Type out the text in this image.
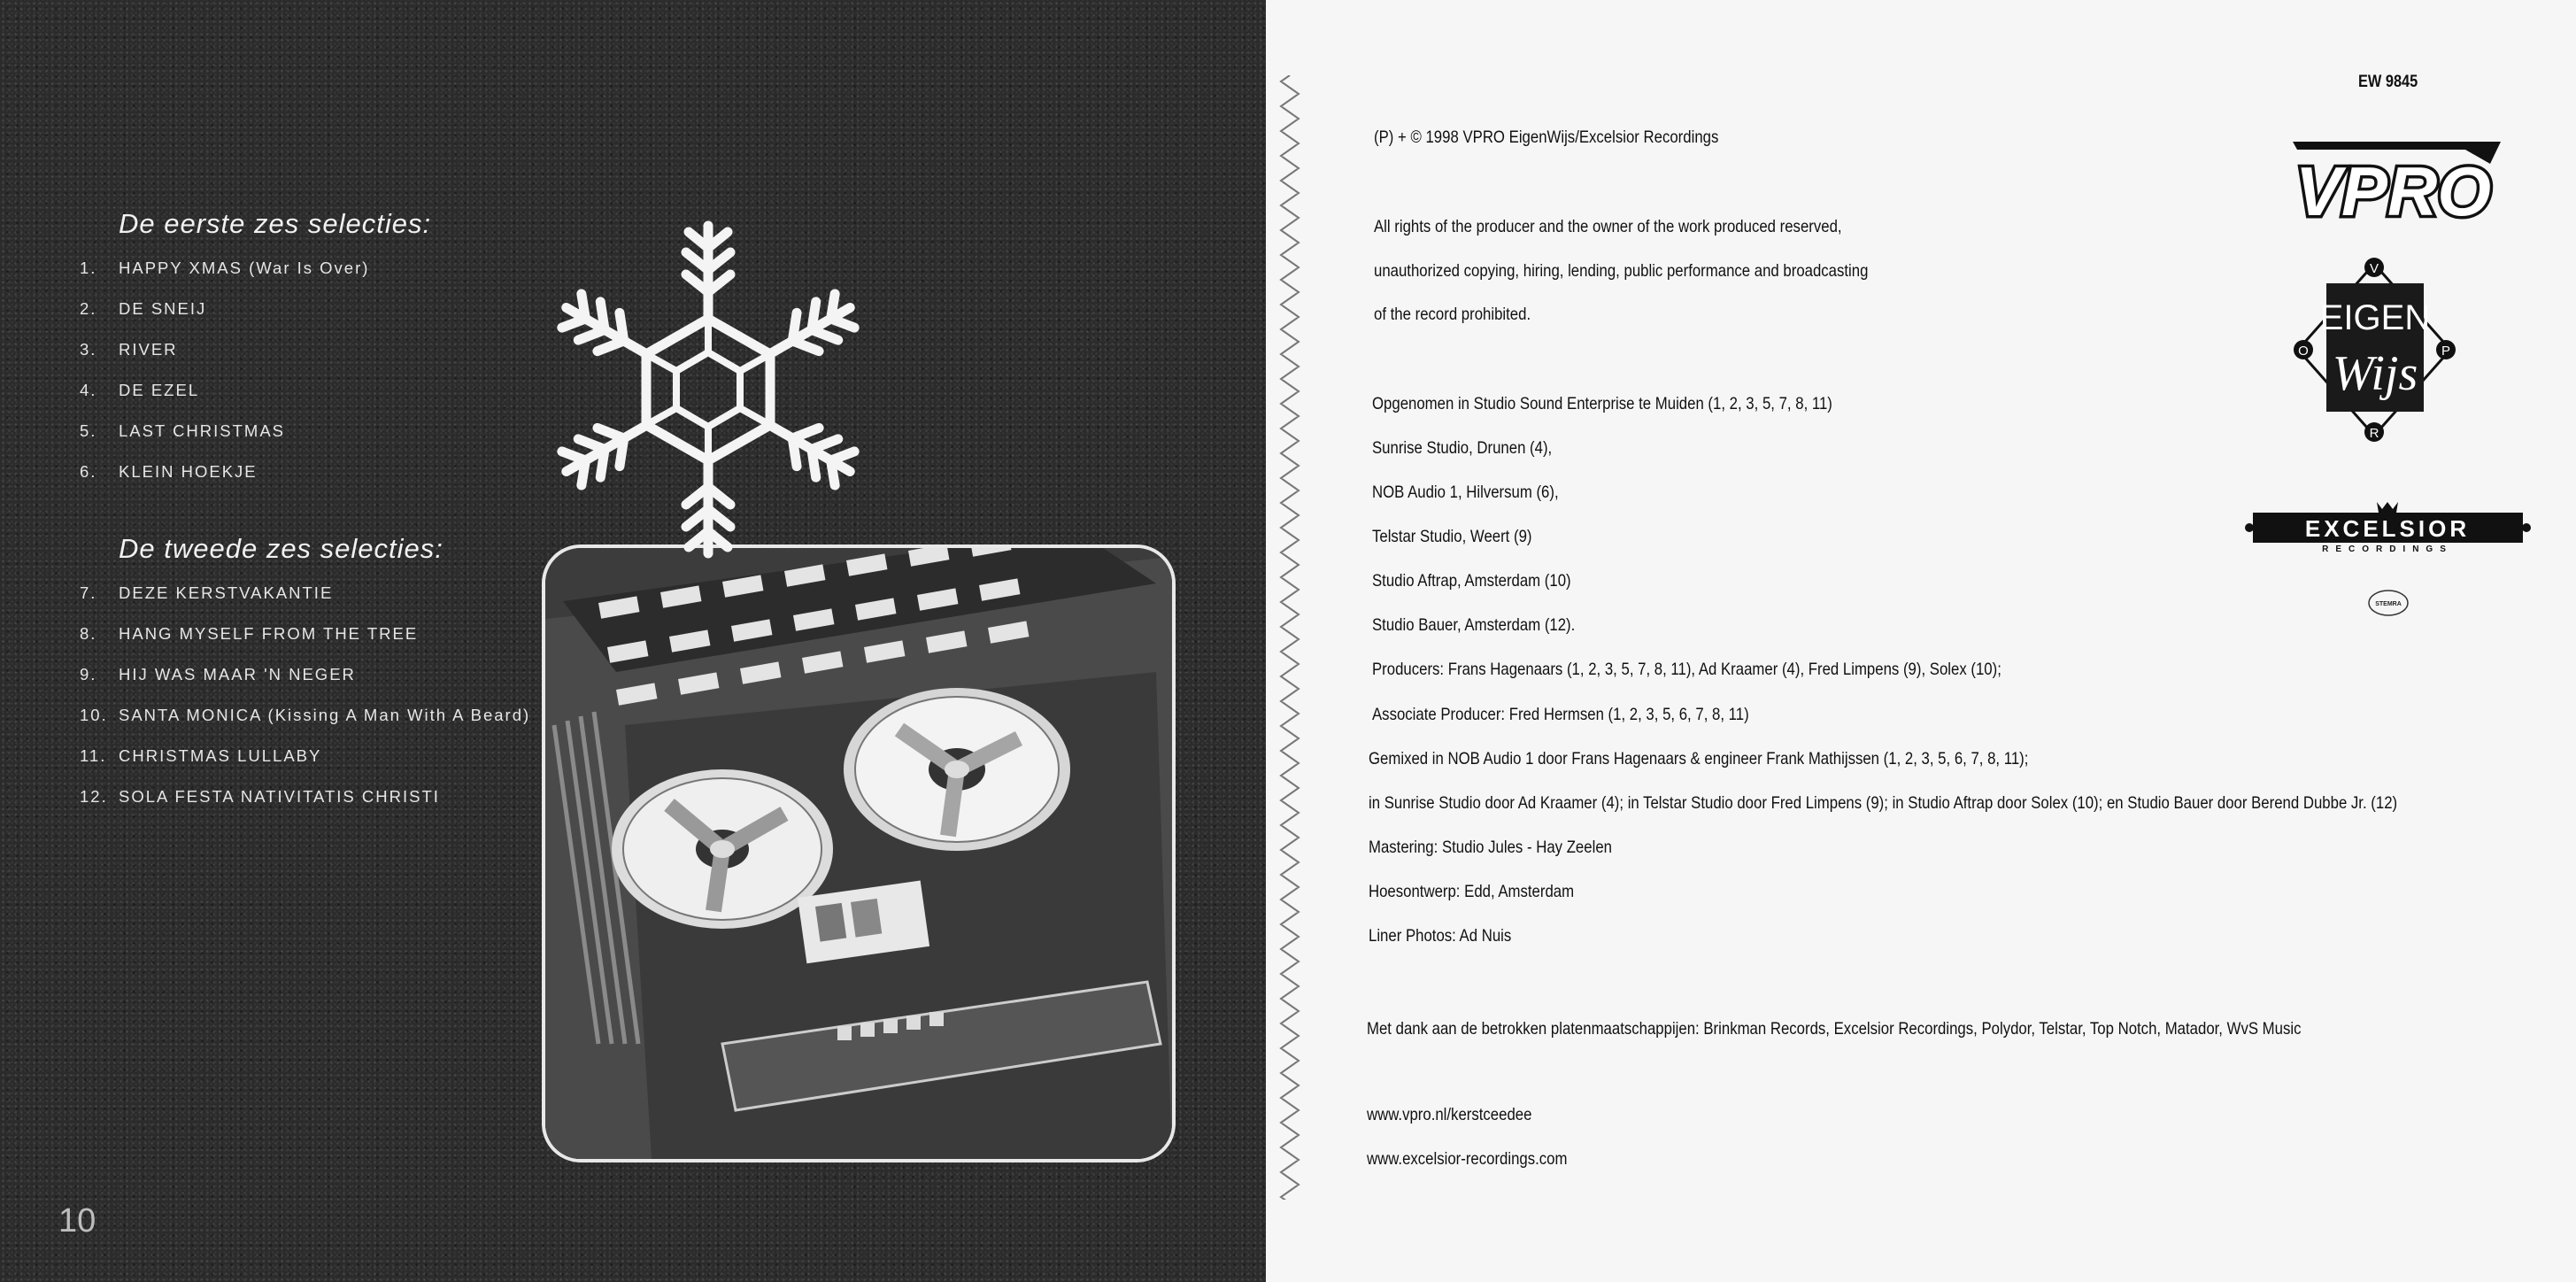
De eerste zes selecties:
1. HAPPY XMAS (War Is Over)
2. DE SNEIJ
3. RIVER
4. DE EZEL
5. LAST CHRISTMAS
6. KLEIN HOEKJE
De tweede zes selecties:
7. DEZE KERSTVAKANTIE
8. HANG MYSELF FROM THE TREE
9. HIJ WAS MAAR 'N NEGER
10. SANTA MONICA (Kissing A Man With A Beard)
11. CHRISTMAS LULLABY
12. SOLA FESTA NATIVITATIS CHRISTI
10
EW 9845
(P) + © 1998 VPRO EigenWijs/Excelsior Recordings
All rights of the producer and the owner of the work produced reserved,
unauthorized copying, hiring, lending, public performance and broadcasting
of the record prohibited.
Opgenomen in Studio Sound Enterprise te Muiden (1, 2, 3, 5, 7, 8, 11)
Sunrise Studio, Drunen (4),
NOB Audio 1, Hilversum (6),
Telstar Studio, Weert (9)
Studio Aftrap, Amsterdam (10)
Studio Bauer, Amsterdam (12).
Producers: Frans Hagenaars (1, 2, 3, 5, 7, 8, 11), Ad Kraamer (4), Fred Limpens (9), Solex (10);
Associate Producer: Fred Hermsen (1, 2, 3, 5, 6, 7, 8, 11)
Gemixed in NOB Audio 1 door Frans Hagenaars & engineer Frank Mathijssen (1, 2, 3, 5, 6, 7, 8, 11);
in Sunrise Studio door Ad Kraamer (4); in Telstar Studio door Fred Limpens (9); in Studio Aftrap door Solex (10); en Studio Bauer door Berend Dubbe Jr. (12)
Mastering: Studio Jules - Hay Zeelen
Hoesontwerp: Edd, Amsterdam
Liner Photos: Ad Nuis
Met dank aan de betrokken platenmaatschappijen: Brinkman Records, Excelsior Recordings, Polydor, Telstar, Top Notch, Matador, WvS Music
www.vpro.nl/kerstceedee
www.excelsior-recordings.com
VPRO
EIGEN
Wijs
V
O	P
R
EXCELSIOR
RECORDINGS
STEMRA
